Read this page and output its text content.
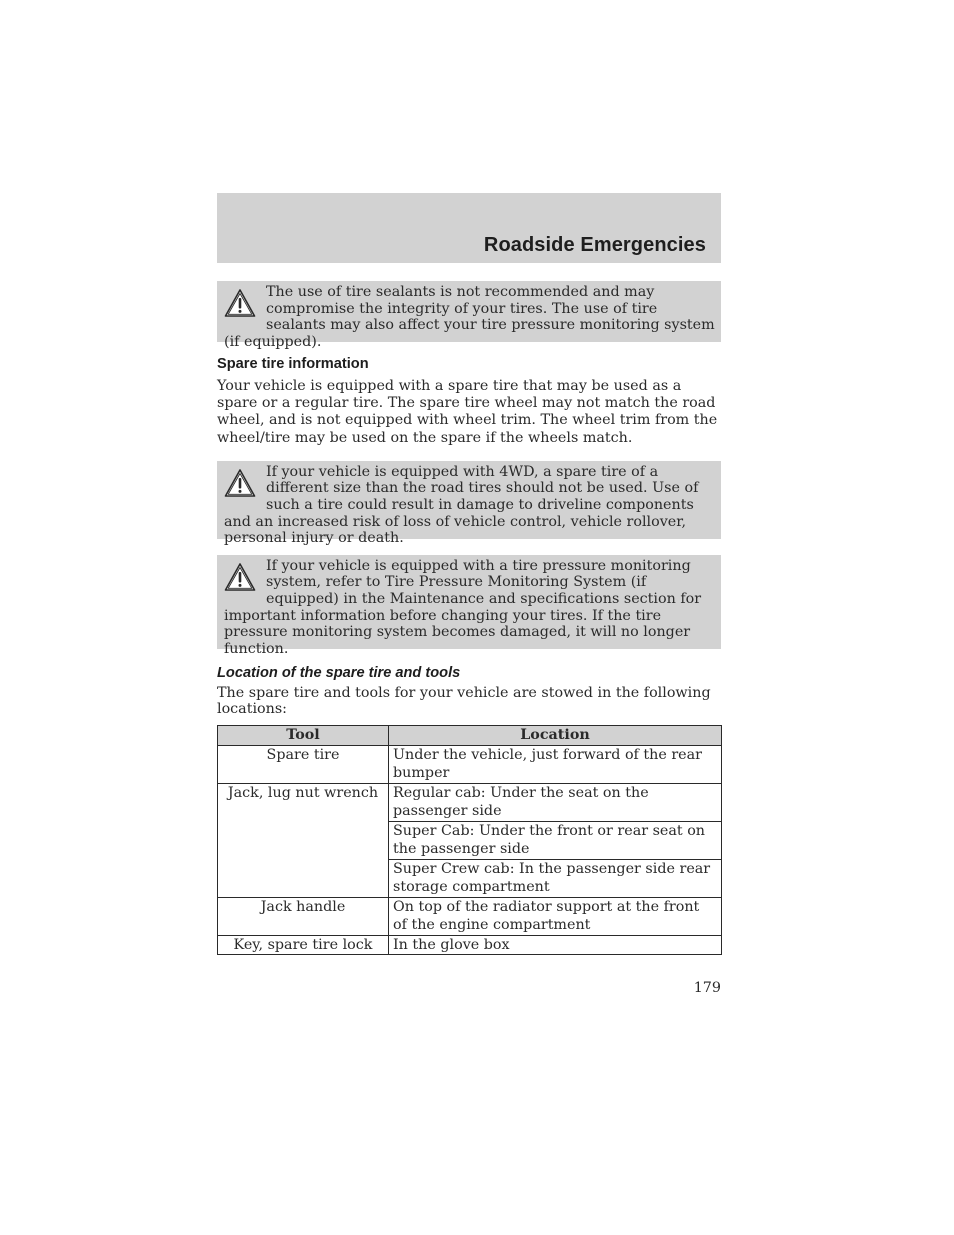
Roadside Emergencies

The use of tire sealants is not recommended and may compromise the integrity of your tires. The use of tire sealants may also affect your tire pressure monitoring system (if equipped).

Spare tire information

Your vehicle is equipped with a spare tire that may be used as a spare or a regular tire. The spare tire wheel may not match the road wheel, and is not equipped with wheel trim. The wheel trim from the wheel/tire may be used on the spare if the wheels match.

If your vehicle is equipped with 4WD, a spare tire of a different size than the road tires should not be used. Use of such a tire could result in damage to driveline components and an increased risk of loss of vehicle control, vehicle rollover, personal injury or death.

If your vehicle is equipped with a tire pressure monitoring system, refer to Tire Pressure Monitoring System (if equipped) in the Maintenance and specifications section for important information before changing your tires. If the tire pressure monitoring system becomes damaged, it will no longer function.

Location of the spare tire and tools

The spare tire and tools for your vehicle are stowed in the following locations:

Tool	Location
Spare tire	Under the vehicle, just forward of the rear bumper
Jack, lug nut wrench	Regular cab: Under the seat on the passenger side
	Super Cab: Under the front or rear seat on the passenger side
	Super Crew cab: In the passenger side rear storage compartment
Jack handle	On top of the radiator support at the front of the engine compartment
Key, spare tire lock	In the glove box
179
